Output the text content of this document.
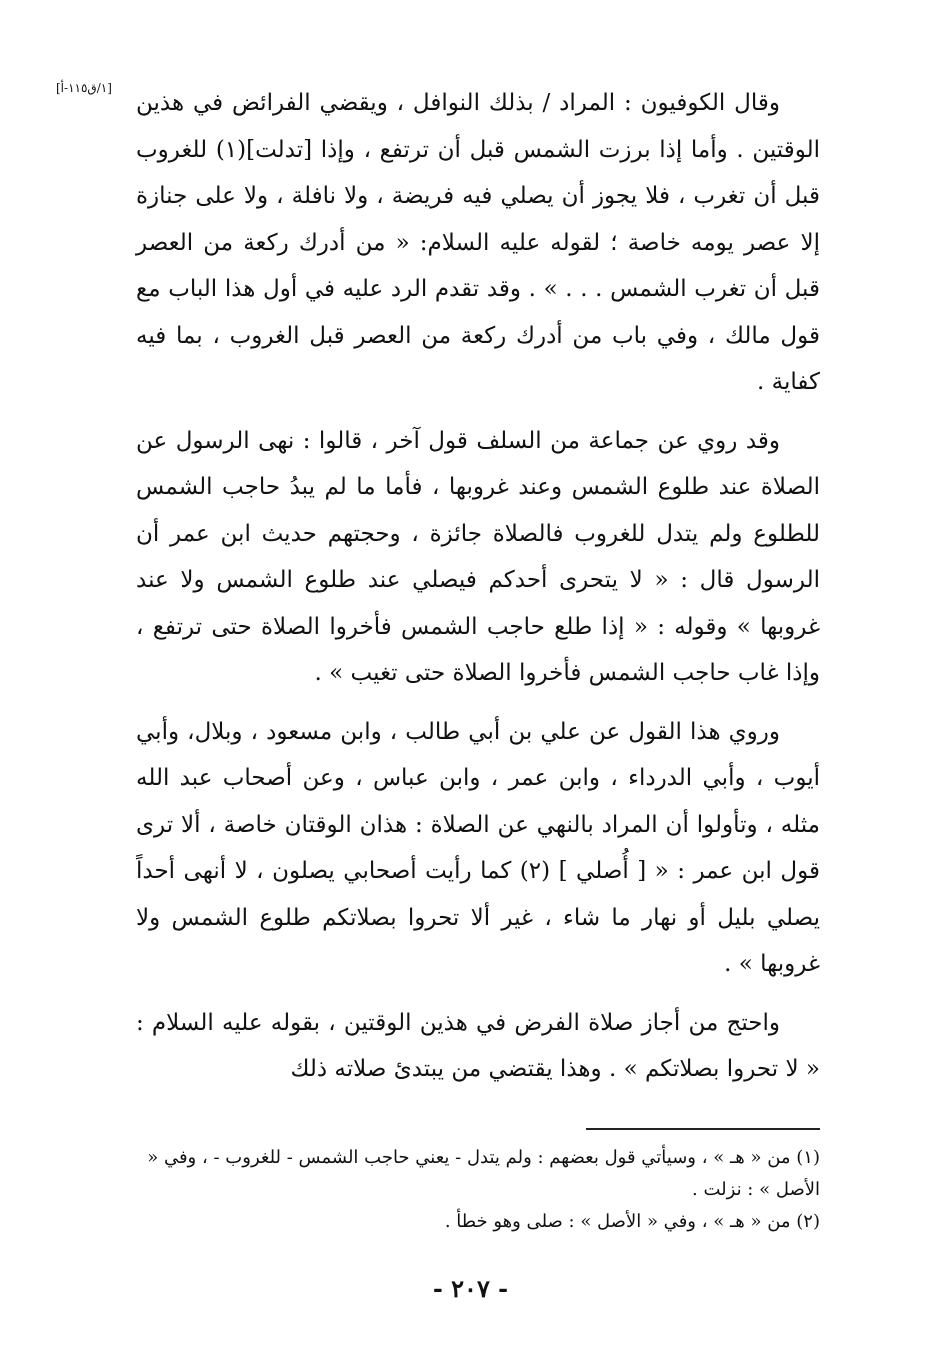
[١/ق١١٥-أ]

وقال الكوفيون : المراد / بذلك النوافل ، ويقضي الفرائض في هذين الوقتين . وأما إذا برزت الشمس قبل أن ترتفع ، وإذا [تدلت](١) للغروب قبل أن تغرب ، فلا يجوز أن يصلي فيه فريضة ، ولا نافلة ، ولا على جنازة إلا عصر يومه خاصة ؛ لقوله عليه السلام: « من أدرك ركعة من العصر قبل أن تغرب الشمس . . . » . وقد تقدم الرد عليه في أول هذا الباب مع قول مالك ، وفي باب من أدرك ركعة من العصر قبل الغروب ، بما فيه كفاية .

وقد روي عن جماعة من السلف قول آخر ، قالوا : نهى الرسول عن الصلاة عند طلوع الشمس وعند غروبها ، فأما ما لم يبدُ حاجب الشمس للطلوع ولم يتدل للغروب فالصلاة جائزة ، وحجتهم حديث ابن عمر أن الرسول قال : « لا يتحرى أحدكم فيصلي عند طلوع الشمس ولا عند غروبها » وقوله : « إذا طلع حاجب الشمس فأخروا الصلاة حتى ترتفع ، وإذا غاب حاجب الشمس فأخروا الصلاة حتى تغيب » .

وروي هذا القول عن علي بن أبي طالب ، وابن مسعود ، وبلال، وأبي أيوب ، وأبي الدرداء ، وابن عمر ، وابن عباس ، وعن أصحاب عبد الله مثله ، وتأولوا أن المراد بالنهي عن الصلاة : هذان الوقتان خاصة ، ألا ترى قول ابن عمر : « [ أُصلي ] (٢) كما رأيت أصحابي يصلون ، لا أنهى أحداً يصلي بليل أو نهار ما شاء ، غير ألا تحروا بصلاتكم طلوع الشمس ولا غروبها » .

واحتج من أجاز صلاة الفرض في هذين الوقتين ، بقوله عليه السلام : « لا تحروا بصلاتكم » . وهذا يقتضي من يبتدئ صلاته ذلك

(١) من « هـ » ، وسيأتي قول بعضهم : ولم يتدل - يعني حاجب الشمس - للغروب - ، وفي « الأصل » : نزلت .

(٢) من « هـ » ، وفي « الأصل » : صلى وهو خطأ .

- ٢٠٧ -
